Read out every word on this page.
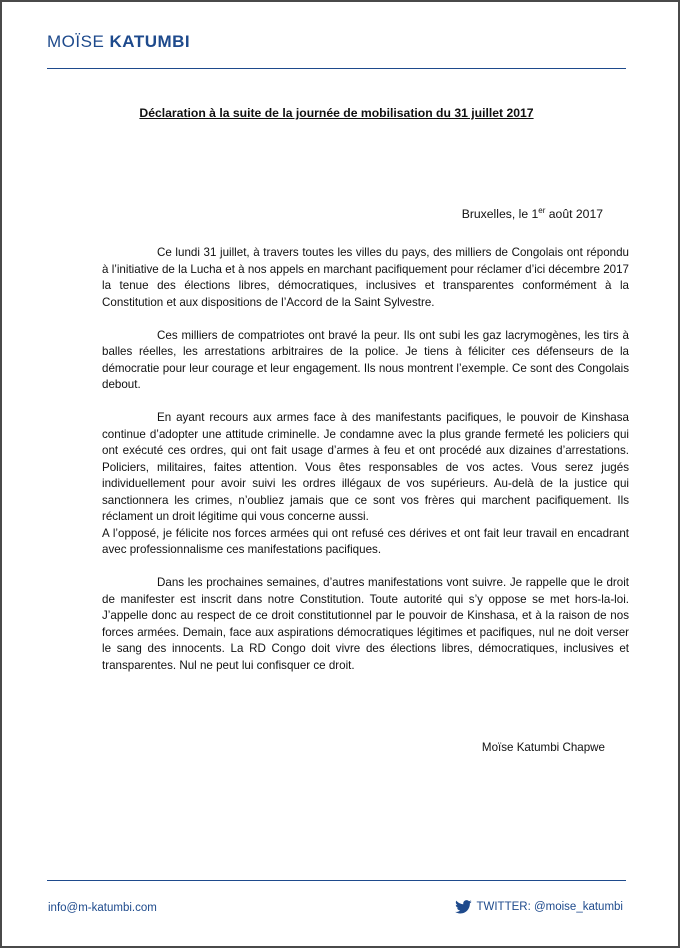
MOÏSE KATUMBI
Déclaration à la suite de la journée de mobilisation du 31 juillet 2017
Bruxelles, le 1er août 2017

Ce lundi 31 juillet, à travers toutes les villes du pays, des milliers de Congolais ont répondu à l’initiative de la Lucha et à nos appels en marchant pacifiquement pour réclamer d’ici décembre 2017 la tenue des élections libres, démocratiques, inclusives et transparentes conformément à la Constitution et aux dispositions de l’Accord de la Saint Sylvestre.

Ces milliers de compatriotes ont bravé la peur. Ils ont subi les gaz lacrymogènes, les tirs à balles réelles, les arrestations arbitraires de la police. Je tiens à féliciter ces défenseurs de la démocratie pour leur courage et leur engagement. Ils nous montrent l’exemple. Ce sont des Congolais debout.

En ayant recours aux armes face à des manifestants pacifiques, le pouvoir de Kinshasa continue d’adopter une attitude criminelle. Je condamne avec la plus grande fermeté les policiers qui ont exécuté ces ordres, qui ont fait usage d’armes à feu et ont procédé aux dizaines d’arrestations. Policiers, militaires, faites attention. Vous êtes responsables de vos actes. Vous serez jugés individuellement pour avoir suivi les ordres illégaux de vos supérieurs. Au-delà de la justice qui sanctionnera les crimes, n’oubliez jamais que ce sont vos frères qui marchent pacifiquement. Ils réclament un droit légitime qui vous concerne aussi.

A l’opposé, je félicite nos forces armées qui ont refusé ces dérives et ont fait leur travail en encadrant avec professionnalisme ces manifestations pacifiques.

Dans les prochaines semaines, d’autres manifestations vont suivre. Je rappelle que le droit de manifester est inscrit dans notre Constitution. Toute autorité qui s’y oppose se met hors-la-loi. J’appelle donc au respect de ce droit constitutionnel par le pouvoir de Kinshasa, et à la raison de nos forces armées. Demain, face aux aspirations démocratiques légitimes et pacifiques, nul ne doit verser le sang des innocents. La RD Congo doit vivre des élections libres, démocratiques, inclusives et transparentes. Nul ne peut lui confisquer ce droit.

Moïse Katumbi Chapwe
info@m-katumbi.com	TWITTER: @moise_katumbi
